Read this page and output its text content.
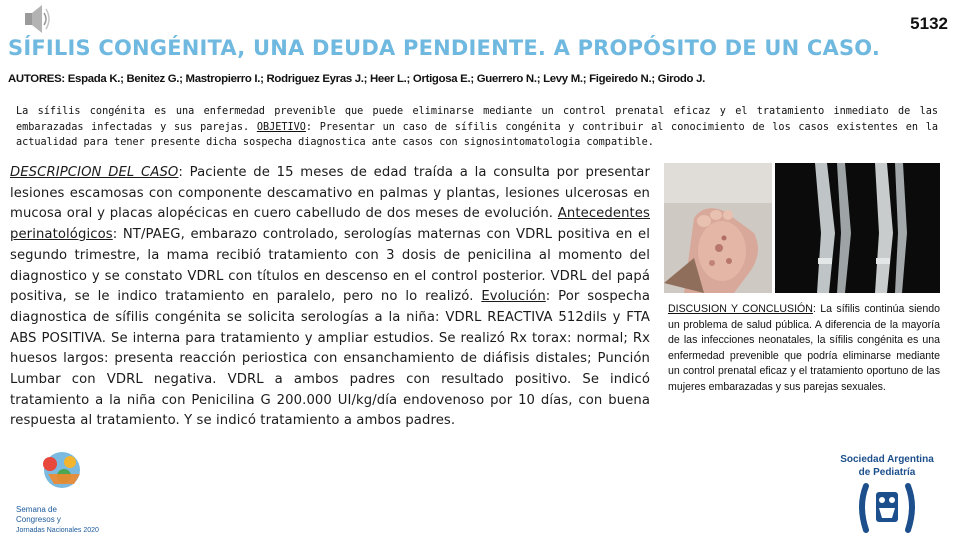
5132
SÍFILIS CONGÉNITA, UNA DEUDA PENDIENTE. A PROPÓSITO DE UN CASO.

AUTORES: Espada K.; Benitez G.; Mastropierro I.; Rodriguez Eyras J.; Heer L.; Ortigosa E.; Guerrero N.; Levy M.; Figeiredo N.; Girodo J.

La sífilis congénita es una enfermedad prevenible que puede eliminarse mediante un control prenatal eficaz y el tratamiento inmediato de las embarazadas infectadas y sus parejas. OBJETIVO: Presentar un caso de sífilis congénita y contribuir al conocimiento de los casos existentes en la actualidad para tener presente dicha sospecha diagnostica ante casos con signosintomatologia compatible.

DESCRIPCION DEL CASO: Paciente de 15 meses de edad traída a la consulta por presentar lesiones escamosas con componente descamativo en palmas y plantas, lesiones ulcerosas en mucosa oral y placas alopécicas en cuero cabelludo de dos meses de evolución. Antecedentes perinatológicos: NT/PAEG, embarazo controlado, serologías maternas con VDRL positiva en el segundo trimestre, la mama recibió tratamiento con 3 dosis de penicilina al momento del diagnostico y se constato VDRL con títulos en descenso en el control posterior. VDRL del papá positiva, se le indico tratamiento en paralelo, pero no lo realizó. Evolución: Por sospecha diagnostica de sífilis congénita se solicita serologías a la niña: VDRL REACTIVA 512dils y FTA ABS POSITIVA. Se interna para tratamiento y ampliar estudios. Se realizó Rx torax: normal; Rx huesos largos: presenta reacción periostica con ensanchamiento de diáfisis distales; Punción Lumbar con VDRL negativa. VDRL a ambos padres con resultado positivo. Se indicó tratamiento a la niña con Penicilina G 200.000 UI/kg/día endovenoso por 10 días, con buena respuesta al tratamiento. Y se indicó tratamiento a ambos padres.

DISCUSION Y CONCLUSIÓN: La sífilis continúa siendo un problema de salud pública. A diferencia de la mayoría de las infecciones neonatales, la sífilis congénita es una enfermedad prevenible que podría eliminarse mediante un control prenatal eficaz y el tratamiento oportuno de las mujeres embarazadas y sus parejas sexuales.

Semana de
Congresos y
Jornadas Nacionales 2020
Sociedad Argentina
de Pediatría
